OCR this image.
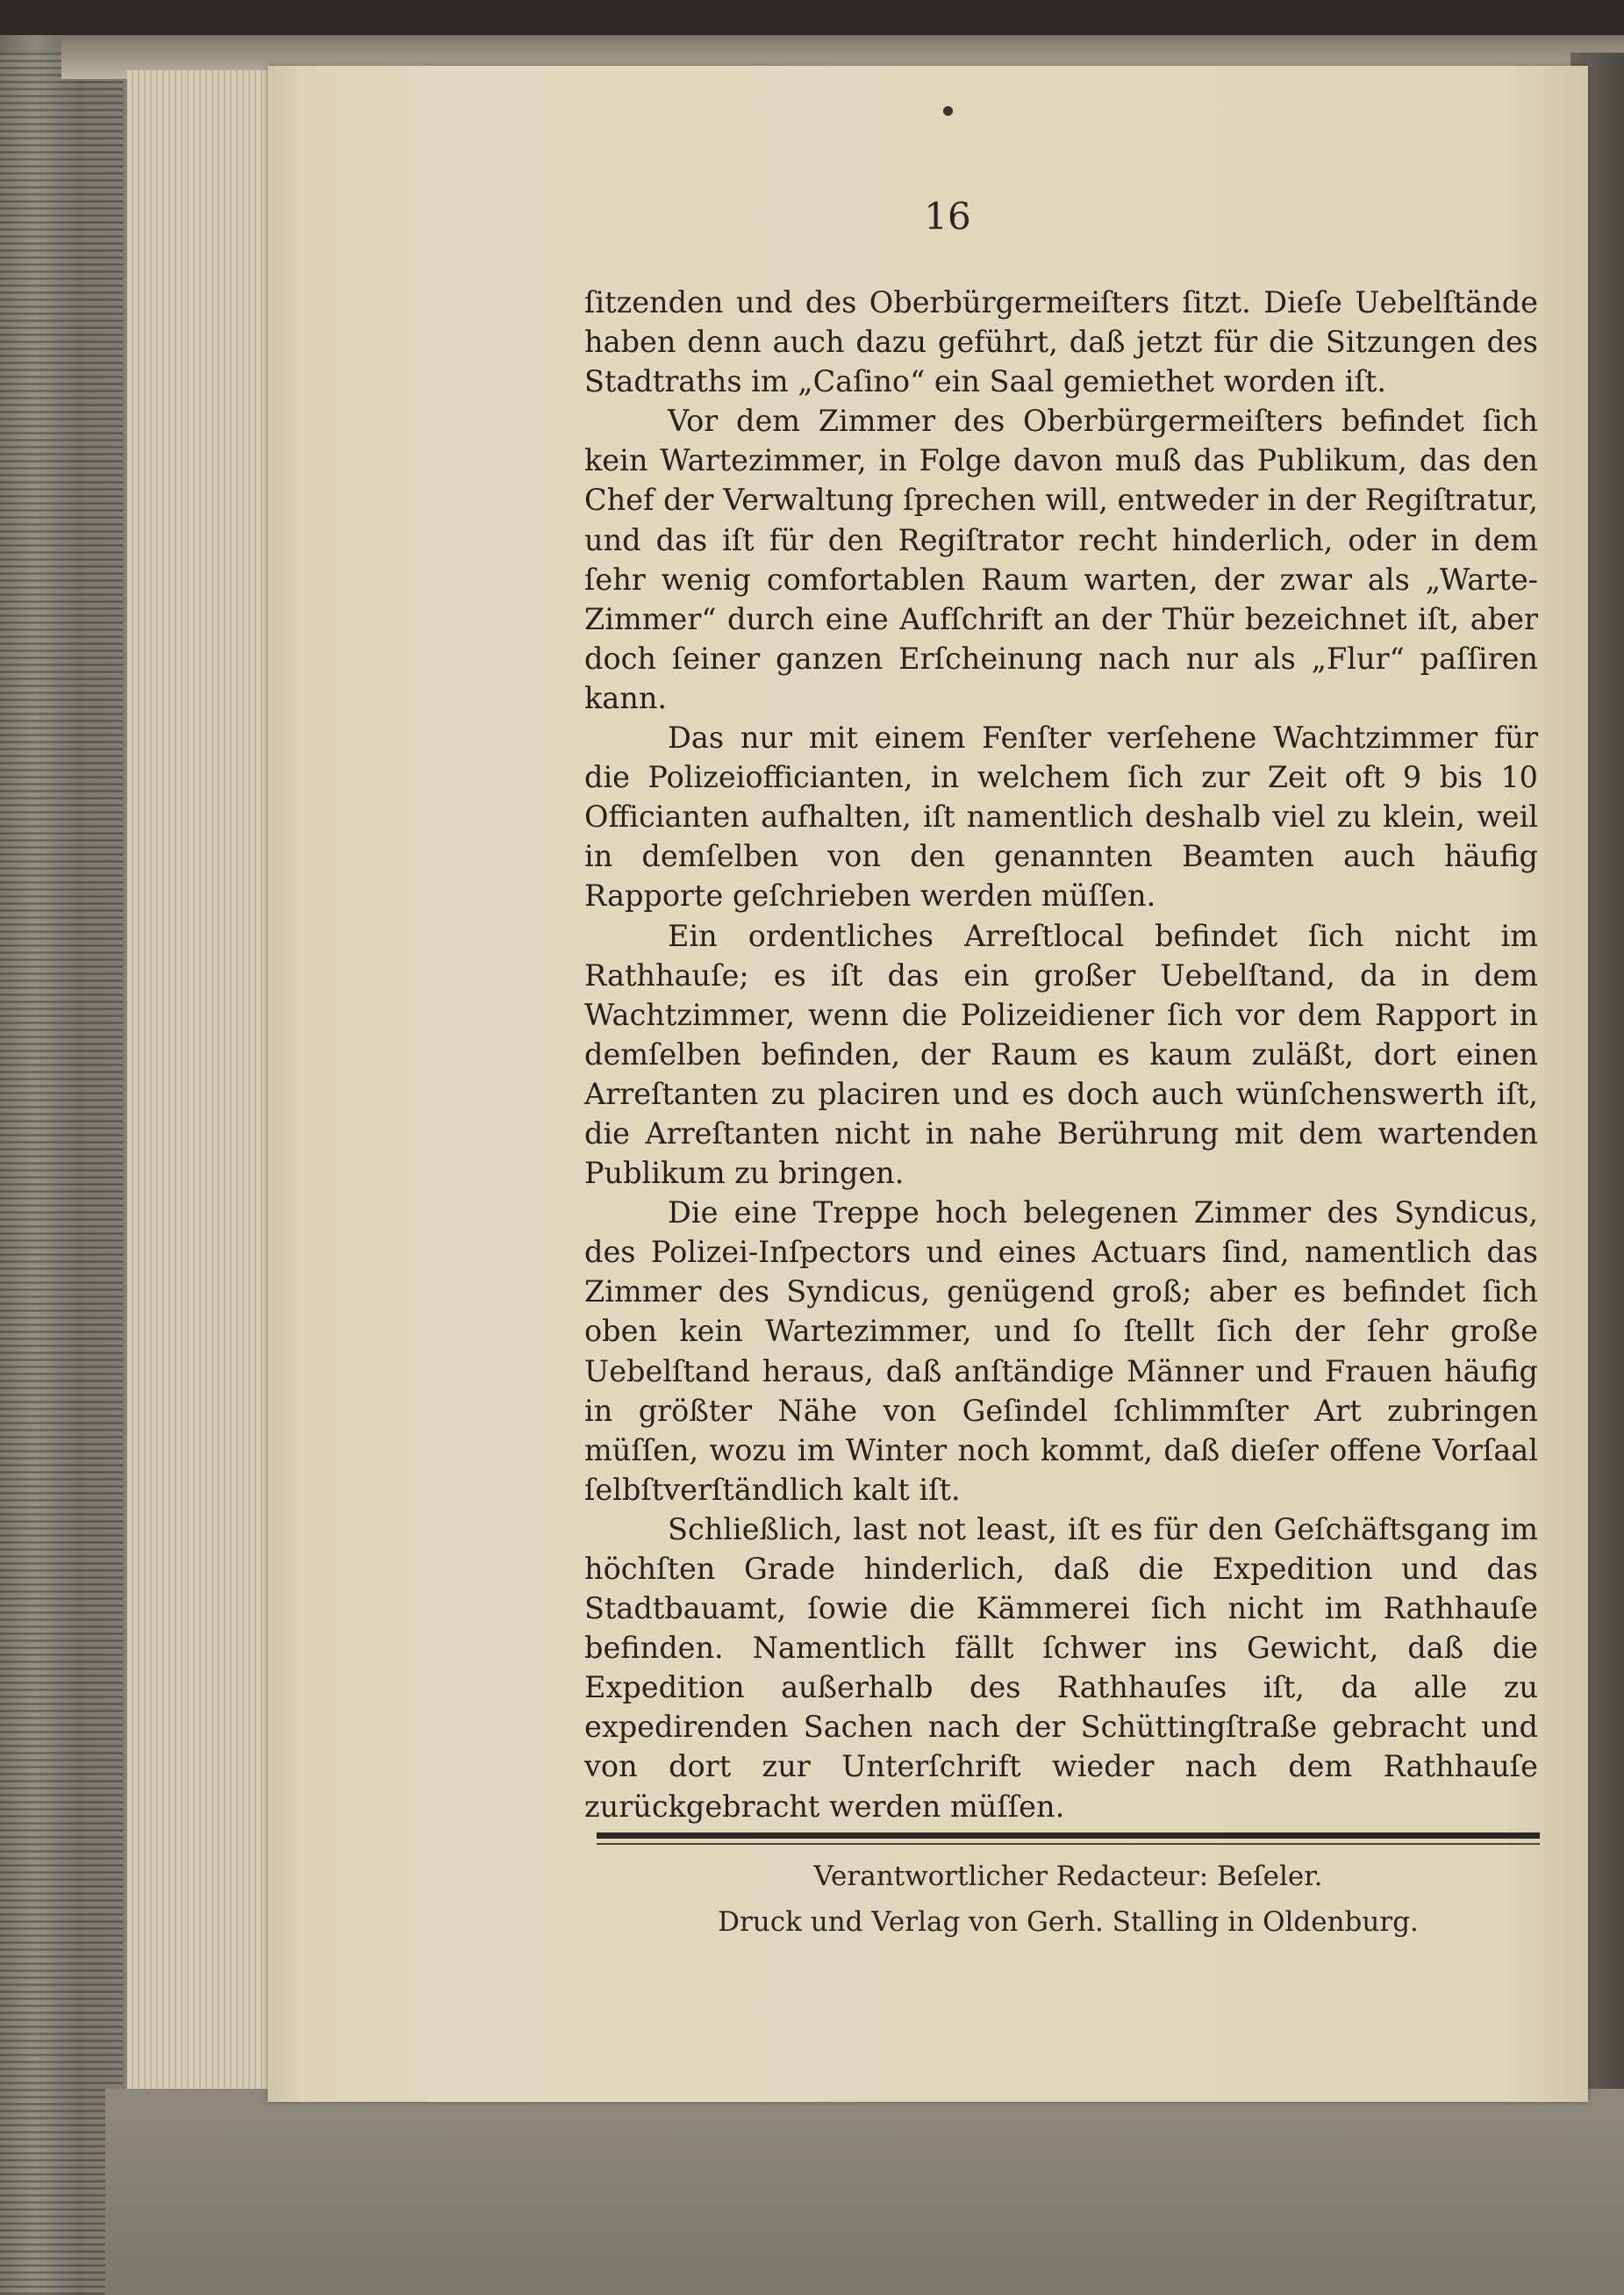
16

ſitzenden und des Oberbürgermeiſters ſitzt. Dieſe Uebelſtände haben denn auch dazu geführt, daß jetzt für die Sitzungen des Stadtraths im „Caſino“ ein Saal gemiethet worden iſt.

Vor dem Zimmer des Oberbürgermeiſters befindet ſich kein Wartezimmer, in Folge davon muß das Publikum, das den Chef der Verwaltung ſprechen will, entweder in der Regiſtratur, und das iſt für den Regiſtrator recht hinderlich, oder in dem ſehr wenig comfortablen Raum warten, der zwar als „Warte-Zimmer“ durch eine Aufſchrift an der Thür bezeichnet iſt, aber doch ſeiner ganzen Erſcheinung nach nur als „Flur“ paſſiren kann.

Das nur mit einem Fenſter verſehene Wachtzimmer für die Polizeiofficianten, in welchem ſich zur Zeit oft 9 bis 10 Officianten aufhalten, iſt namentlich deshalb viel zu klein, weil in demſelben von den genannten Beamten auch häufig Rapporte geſchrieben werden müſſen.

Ein ordentliches Arreſtlocal befindet ſich nicht im Rathhauſe; es iſt das ein großer Uebelſtand, da in dem Wachtzimmer, wenn die Polizeidiener ſich vor dem Rapport in demſelben befinden, der Raum es kaum zuläßt, dort einen Arreſtanten zu placiren und es doch auch wünſchenswerth iſt, die Arreſtanten nicht in nahe Berührung mit dem wartenden Publikum zu bringen.

Die eine Treppe hoch belegenen Zimmer des Syndicus, des Polizei-Inſpectors und eines Actuars ſind, namentlich das Zimmer des Syndicus, genügend groß; aber es befindet ſich oben kein Wartezimmer, und ſo ſtellt ſich der ſehr große Uebelſtand heraus, daß anſtändige Männer und Frauen häufig in größter Nähe von Geſindel ſchlimmſter Art zubringen müſſen, wozu im Winter noch kommt, daß dieſer offene Vorſaal ſelbſtverſtändlich kalt iſt.

Schließlich, last not least, iſt es für den Geſchäftsgang im höchſten Grade hinderlich, daß die Expedition und das Stadtbauamt, ſowie die Kämmerei ſich nicht im Rathhauſe befinden. Namentlich fällt ſchwer ins Gewicht, daß die Expedition außerhalb des Rathhauſes iſt, da alle zu expedirenden Sachen nach der Schüttingſtraße gebracht und von dort zur Unterſchrift wieder nach dem Rathhauſe zurückgebracht werden müſſen.

Verantwortlicher Redacteur: Beſeler.
Druck und Verlag von Gerh. Stalling in Oldenburg.
